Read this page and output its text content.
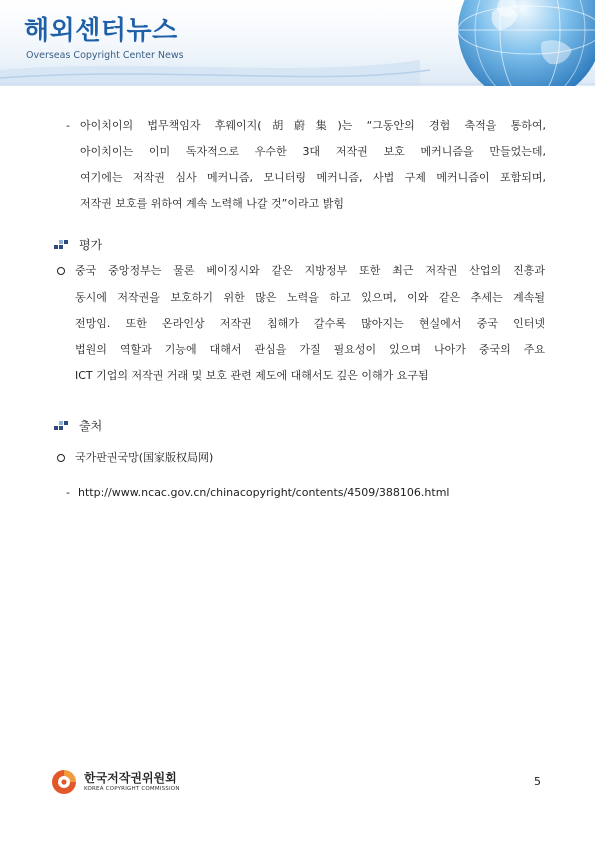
해외센터뉴스
Overseas Copyright Center News
- 아이치이의 법무책임자 후웨이지(胡蔚集)는 “그동안의 경험 축적을 통하여,
아이치이는 이미 독자적으로 우수한 3대 저작권 보호 메커니즘을 만들었는데,
여기에는 저작권 심사 메커니즘, 모니터링 메커니즘, 사법 구제 메커니즘이 포함되며,
저작권 보호를 위하여 계속 노력해 나갈 것”이라고 밝힘
평가
중국 중앙정부는 물론 베이징시와 같은 지방정부 또한 최근 저작권 산업의 진흥과
동시에 저작권을 보호하기 위한 많은 노력을 하고 있으며, 이와 같은 추세는 계속될
전망임. 또한 온라인상 저작권 침해가 갈수록 많아지는 현실에서 중국 인터넷
법원의 역할과 기능에 대해서 관심을 가질 필요성이 있으며 나아가 중국의 주요
ICT 기업의 저작권 거래 및 보호 관련 제도에 대해서도 깊은 이해가 요구됨
출처
국가판권국망(国家版权局网)
- http://www.ncac.gov.cn/chinacopyright/contents/4509/388106.html
한국저작권위원회
KOREA COPYRIGHT COMMISSION
5
